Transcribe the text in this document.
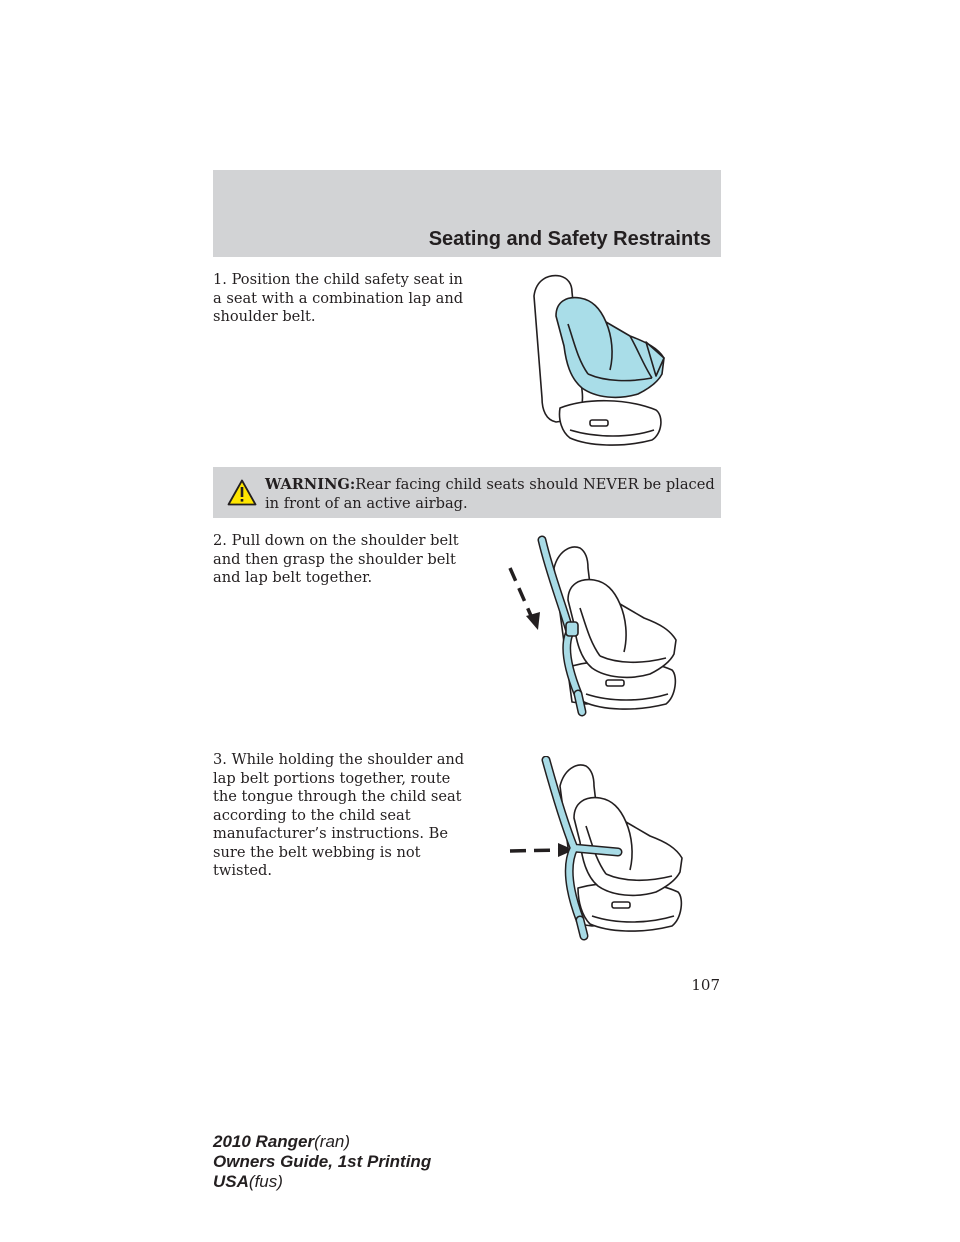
Seating and Safety Restraints

1. Position the child safety seat in a seat with a combination lap and shoulder belt.

WARNING:Rear facing child seats should NEVER be placed in front of an active airbag.

2. Pull down on the shoulder belt and then grasp the shoulder belt and lap belt together.

3. While holding the shoulder and lap belt portions together, route the tongue through the child seat according to the child seat manufacturer’s instructions. Be sure the belt webbing is not twisted.

107
2010 Ranger(ran)
Owners Guide, 1st Printing
USA(fus)
carmanualsonline.info
